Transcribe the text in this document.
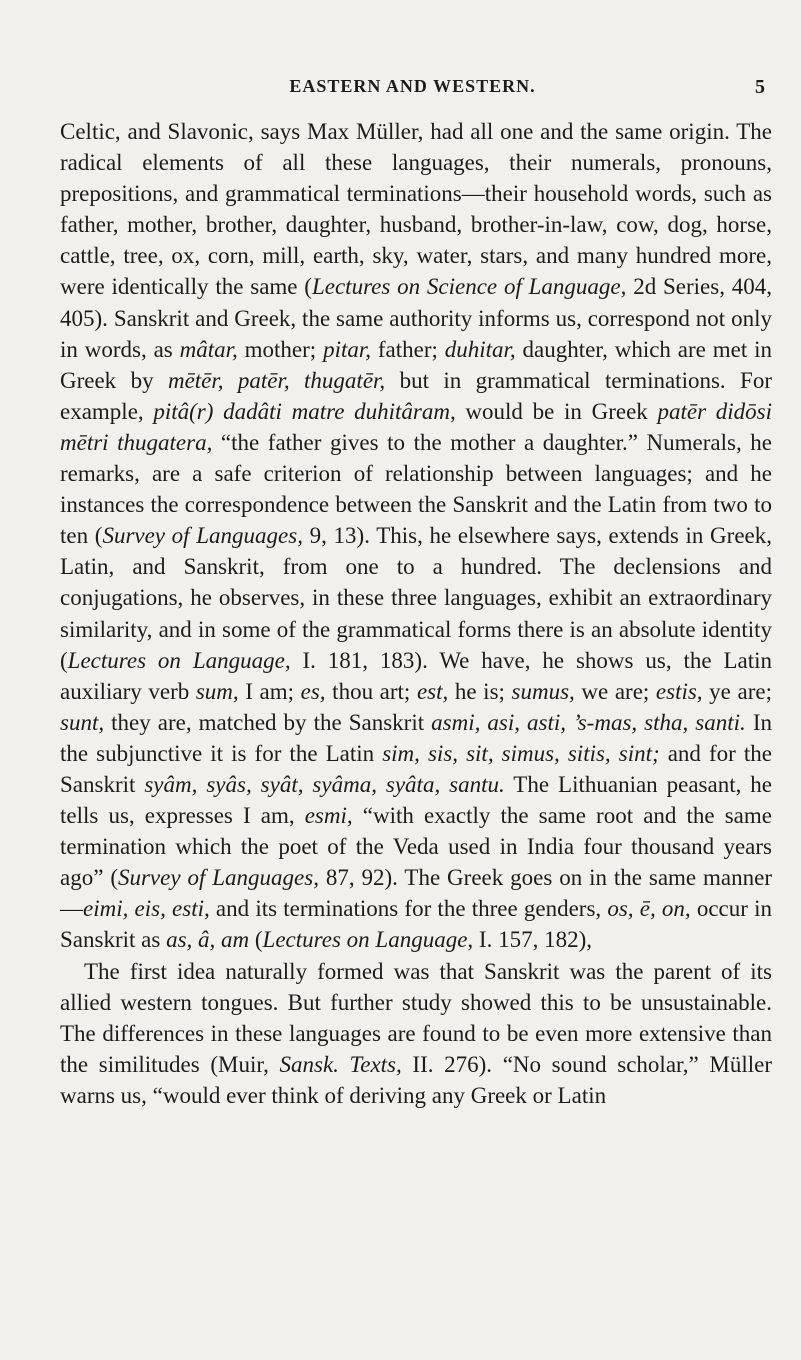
EASTERN AND WESTERN.	5

Celtic, and Slavonic, says Max Müller, had all one and the same origin. The radical elements of all these languages, their numerals, pronouns, prepositions, and grammatical terminations—their household words, such as father, mother, brother, daughter, husband, brother-in-law, cow, dog, horse, cattle, tree, ox, corn, mill, earth, sky, water, stars, and many hundred more, were identically the same (Lectures on Science of Language, 2d Series, 404, 405). Sanskrit and Greek, the same authority informs us, correspond not only in words, as mâtar, mother; pitar, father; duhitar, daughter, which are met in Greek by mētēr, patēr, thugatēr, but in grammatical terminations. For example, pitâ(r) dadâti matre duhitâram, would be in Greek patēr didōsi mētri thugatera, “the father gives to the mother a daughter.” Numerals, he remarks, are a safe criterion of relationship between languages; and he instances the correspondence between the Sanskrit and the Latin from two to ten (Survey of Languages, 9, 13). This, he elsewhere says, extends in Greek, Latin, and Sanskrit, from one to a hundred. The declensions and conjugations, he observes, in these three languages, exhibit an extraordinary similarity, and in some of the grammatical forms there is an absolute identity (Lectures on Language, I. 181, 183). We have, he shows us, the Latin auxiliary verb sum, I am; es, thou art; est, he is; sumus, we are; estis, ye are; sunt, they are, matched by the Sanskrit asmi, asi, asti, ’s-mas, stha, santi. In the subjunctive it is for the Latin sim, sis, sit, simus, sitis, sint; and for the Sanskrit syâm, syâs, syât, syâma, syâta, santu. The Lithuanian peasant, he tells us, expresses I am, esmi, “with exactly the same root and the same termination which the poet of the Veda used in India four thousand years ago” (Survey of Languages, 87, 92). The Greek goes on in the same manner—eimi, eis, esti, and its terminations for the three genders, os, ē, on, occur in Sanskrit as as, â, am (Lectures on Language, I. 157, 182),

The first idea naturally formed was that Sanskrit was the parent of its allied western tongues. But further study showed this to be unsustainable. The differences in these languages are found to be even more extensive than the similitudes (Muir, Sansk. Texts, II. 276). “No sound scholar,” Müller warns us, “would ever think of deriving any Greek or Latin
